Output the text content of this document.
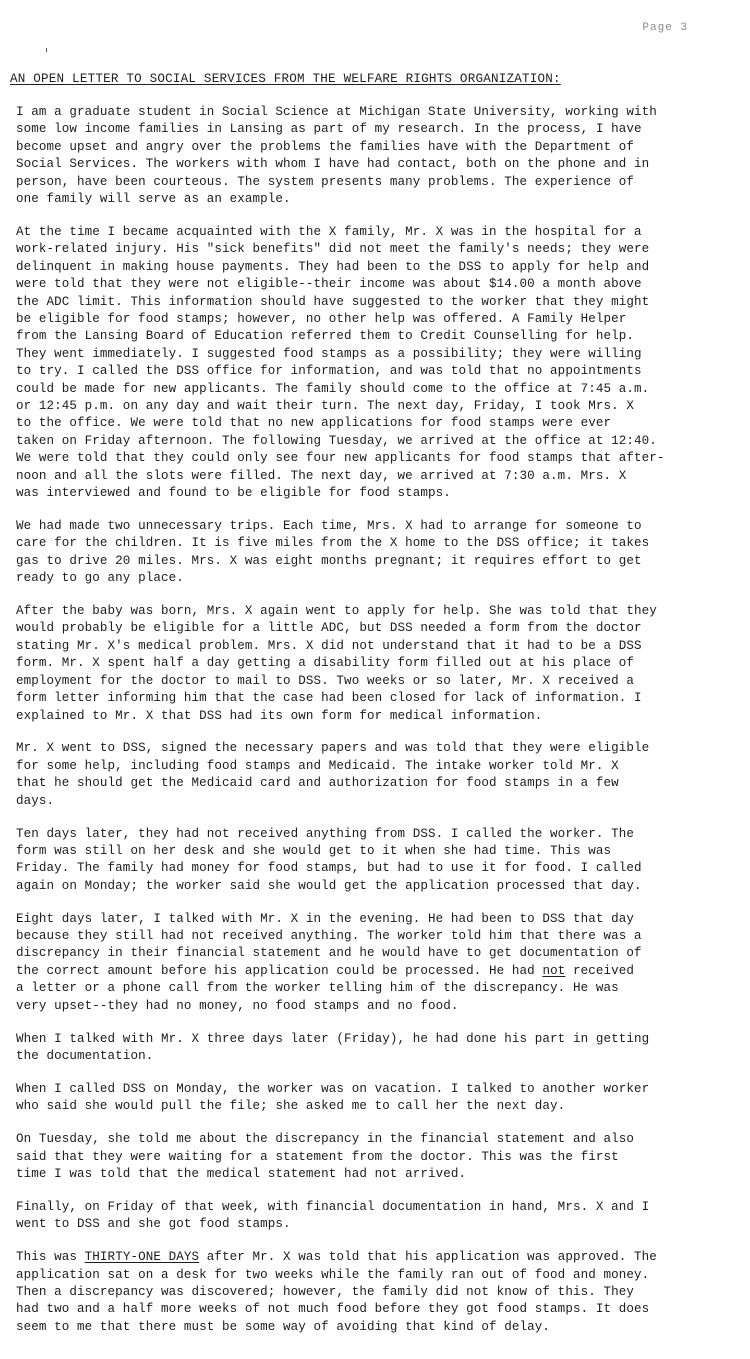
Page 3
AN OPEN LETTER TO SOCIAL SERVICES FROM THE WELFARE RIGHTS ORGANIZATION:

I am a graduate student in Social Science at Michigan State University, working with
some low income families in Lansing as part of my research. In the process, I have
become upset and angry over the problems the families have with the Department of
Social Services. The workers with whom I have had contact, both on the phone and in
person, have been courteous. The system presents many problems. The experience of
one family will serve as an example.

At the time I became acquainted with the X family, Mr. X was in the hospital for a
work-related injury. His "sick benefits" did not meet the family's needs; they were
delinquent in making house payments. They had been to the DSS to apply for help and
were told that they were not eligible--their income was about $14.00 a month above
the ADC limit. This information should have suggested to the worker that they might
be eligible for food stamps; however, no other help was offered. A Family Helper
from the Lansing Board of Education referred them to Credit Counselling for help.
They went immediately. I suggested food stamps as a possibility; they were willing
to try. I called the DSS office for information, and was told that no appointments
could be made for new applicants. The family should come to the office at 7:45 a.m.
or 12:45 p.m. on any day and wait their turn. The next day, Friday, I took Mrs. X
to the office. We were told that no new applications for food stamps were ever
taken on Friday afternoon. The following Tuesday, we arrived at the office at 12:40.
We were told that they could only see four new applicants for food stamps that after-
noon and all the slots were filled. The next day, we arrived at 7:30 a.m. Mrs. X
was interviewed and found to be eligible for food stamps.

We had made two unnecessary trips. Each time, Mrs. X had to arrange for someone to
care for the children. It is five miles from the X home to the DSS office; it takes
gas to drive 20 miles. Mrs. X was eight months pregnant; it requires effort to get
ready to go any place.

After the baby was born, Mrs. X again went to apply for help. She was told that they
would probably be eligible for a little ADC, but DSS needed a form from the doctor
stating Mr. X's medical problem. Mrs. X did not understand that it had to be a DSS
form. Mr. X spent half a day getting a disability form filled out at his place of
employment for the doctor to mail to DSS. Two weeks or so later, Mr. X received a
form letter informing him that the case had been closed for lack of information. I
explained to Mr. X that DSS had its own form for medical information.

Mr. X went to DSS, signed the necessary papers and was told that they were eligible
for some help, including food stamps and Medicaid. The intake worker told Mr. X
that he should get the Medicaid card and authorization for food stamps in a few
days.

Ten days later, they had not received anything from DSS. I called the worker. The
form was still on her desk and she would get to it when she had time. This was
Friday. The family had money for food stamps, but had to use it for food. I called
again on Monday; the worker said she would get the application processed that day.

Eight days later, I talked with Mr. X in the evening. He had been to DSS that day
because they still had not received anything. The worker told him that there was a
discrepancy in their financial statement and he would have to get documentation of
the correct amount before his application could be processed. He had not received
a letter or a phone call from the worker telling him of the discrepancy. He was
very upset--they had no money, no food stamps and no food.

When I talked with Mr. X three days later (Friday), he had done his part in getting
the documentation.

When I called DSS on Monday, the worker was on vacation. I talked to another worker
who said she would pull the file; she asked me to call her the next day.

On Tuesday, she told me about the discrepancy in the financial statement and also
said that they were waiting for a statement from the doctor. This was the first
time I was told that the medical statement had not arrived.

Finally, on Friday of that week, with financial documentation in hand, Mrs. X and I
went to DSS and she got food stamps.

This was THIRTY-ONE DAYS after Mr. X was told that his application was approved. The
application sat on a desk for two weeks while the family ran out of food and money.
Then a discrepancy was discovered; however, the family did not know of this. They
had two and a half more weeks of not much food before they got food stamps. It does
seem to me that there must be some way of avoiding that kind of delay.
